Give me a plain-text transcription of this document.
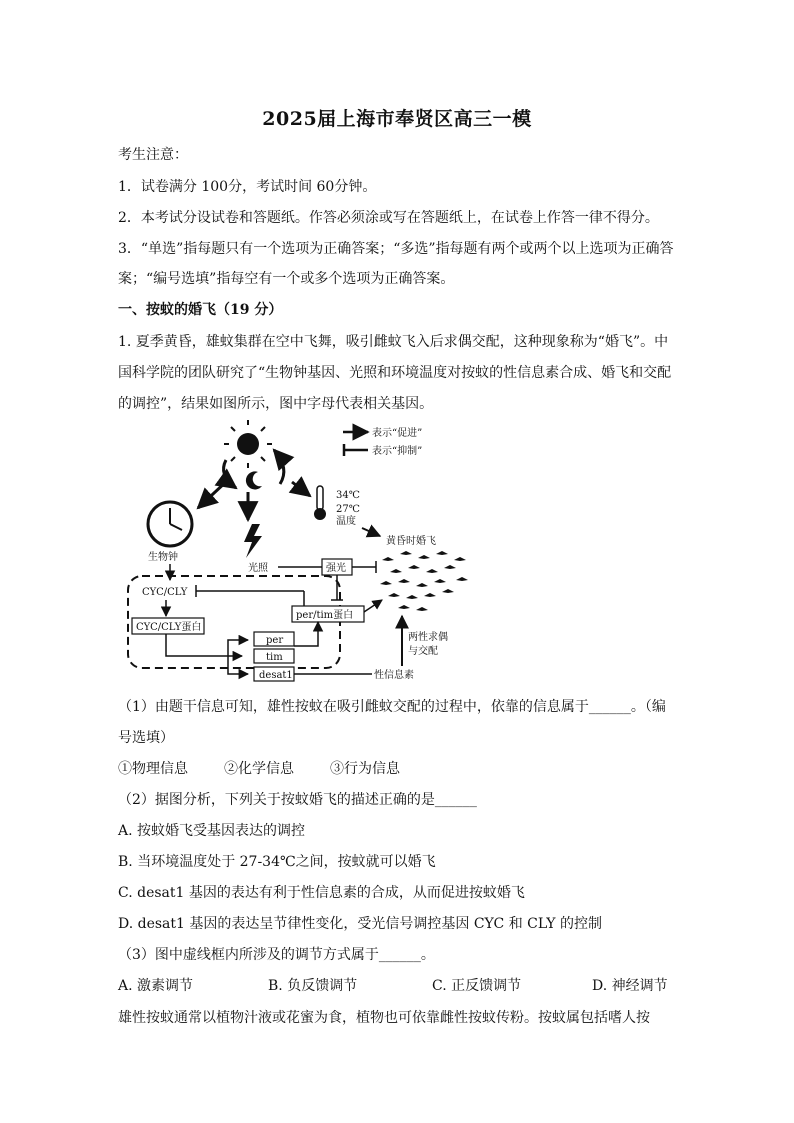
2025届上海市奉贤区高三一模
考生注意：
1．试卷满分 100分，考试时间 60分钟。
2．本考试分设试卷和答题纸。作答必须涂或写在答题纸上，在试卷上作答一律不得分。
3．“单选”指每题只有一个选项为正确答案；“多选”指每题有两个或两个以上选项为正确答
案；“编号选填”指每空有一个或多个选项为正确答案。
一、按蚊的婚飞（19 分）
1. 夏季黄昏，雄蚊集群在空中飞舞，吸引雌蚊飞入后求偶交配，这种现象称为“婚飞”。中
国科学院的团队研究了“生物钟基因、光照和环境温度对按蚊的性信息素合成、婚飞和交配
的调控”，结果如图所示，图中字母代表相关基因。
表示“促进”
表示“抑制”
生物钟
34℃
27℃
温度
黄昏时婚飞
光照	强光
CYC/CLY
CYC/CLY蛋白
per/tim蛋白
per
tim
desat1	性信息素
两性求偶
与交配
（1）由题干信息可知，雄性按蚊在吸引雌蚊交配的过程中，依靠的信息属于______。（编
号选填）
①物理信息	②化学信息	③行为信息
（2）据图分析，下列关于按蚊婚飞的描述正确的是______
A. 按蚊婚飞受基因表达的调控
B. 当环境温度处于 27-34℃之间，按蚊就可以婚飞
C. desat1 基因的表达有利于性信息素的合成，从而促进按蚊婚飞
D. desat1 基因的表达呈节律性变化，受光信号调控基因 CYC 和 CLY 的控制
（3）图中虚线框内所涉及的调节方式属于______。
A. 激素调节	B. 负反馈调节	C. 正反馈调节	D. 神经调节
雄性按蚊通常以植物汁液或花蜜为食，植物也可依靠雌性按蚊传粉。按蚊属包括嗜人按
